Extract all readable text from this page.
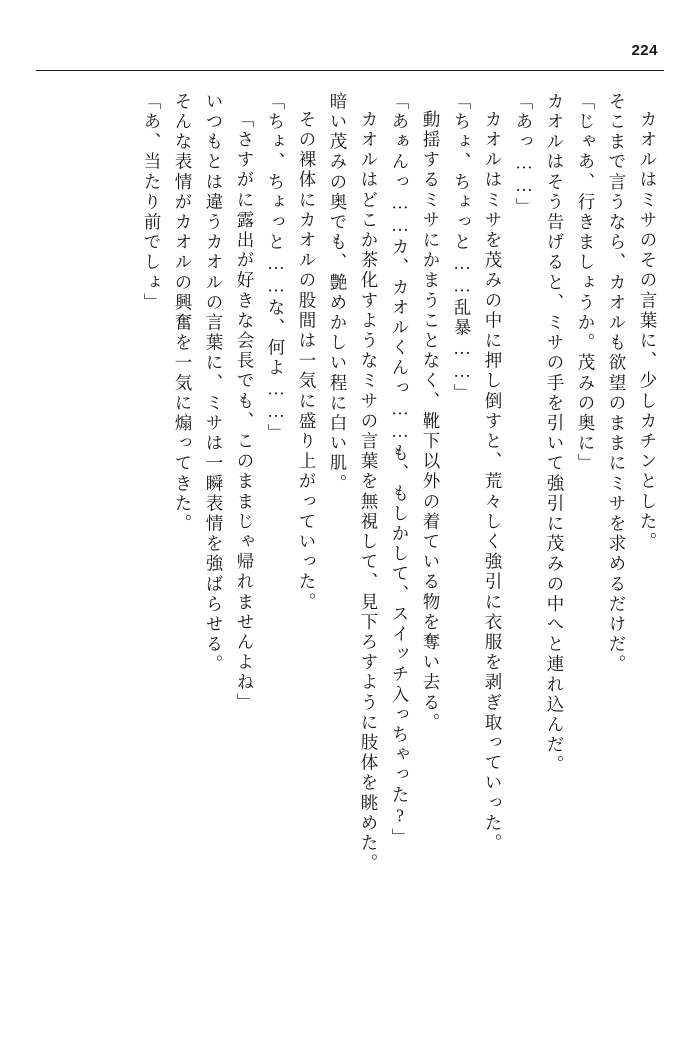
224
カオルはミサのその言葉に、少しカチンとした。
そこまで言うなら、カオルも欲望のままにミサを求めるだけだ。
「じゃあ、行きましょうか。茂みの奥に」
カオルはそう告げると、ミサの手を引いて強引に茂みの中へと連れ込んだ。
「あっ……」
カオルはミサを茂みの中に押し倒すと、荒々しく強引に衣服を剥ぎ取っていった。
「ちょ、ちょっと……乱暴……」
動揺するミサにかまうことなく、靴下以外の着ている物を奪い去る。
「あぁんっ……カ、カオルくんっ……も、もしかして、スイッチ入っちゃった?」
カオルはどこか茶化すようなミサの言葉を無視して、見下ろすように肢体を眺めた。
暗い茂みの奥でも、艶めかしい程に白い肌。
その裸体にカオルの股間は一気に盛り上がっていった。
「ちょ、ちょっと……な、何よ……」
「さすがに露出が好きな会長でも、このままじゃ帰れませんよね」
いつもとは違うカオルの言葉に、ミサは一瞬表情を強ばらせる。
そんな表情がカオルの興奮を一気に煽ってきた。
「あ、当たり前でしょ」
